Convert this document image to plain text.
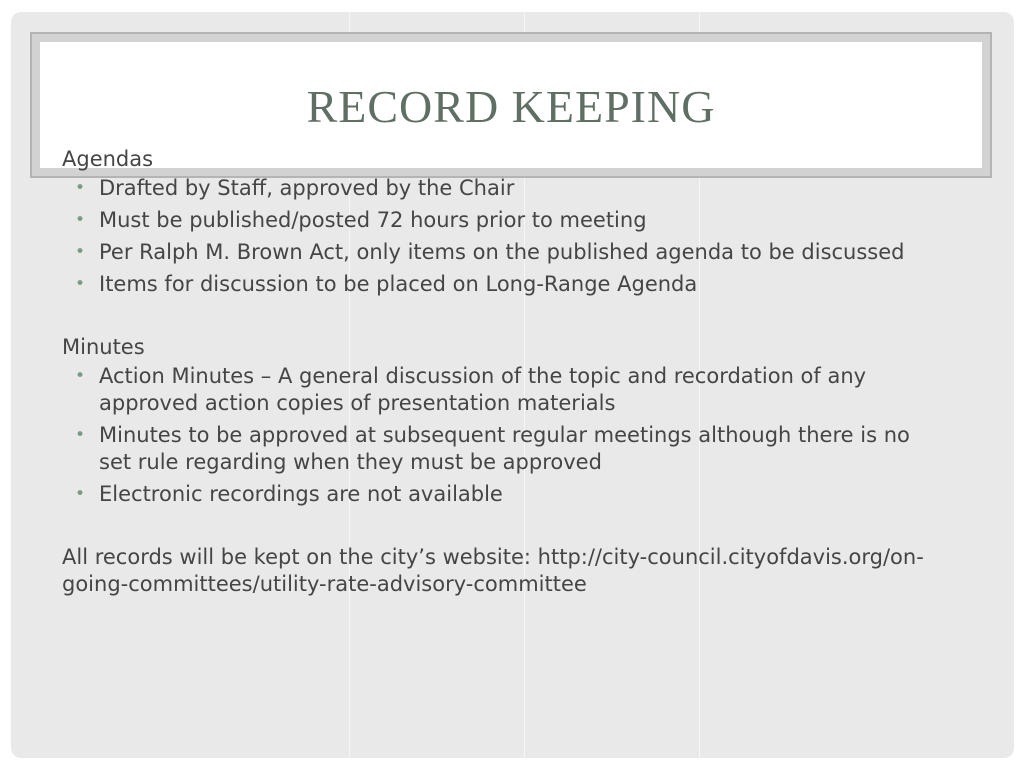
RECORD KEEPING

Agendas

• Drafted by Staff, approved by the Chair
• Must be published/posted 72 hours prior to meeting
• Per Ralph M. Brown Act, only items on the published agenda to be discussed
• Items for discussion to be placed on Long-Range Agenda

Minutes

• Action Minutes – A general discussion of the topic and recordation of any approved action copies of presentation materials
• Minutes to be approved at subsequent regular meetings although there is no set rule regarding when they must be approved
• Electronic recordings are not available

All records will be kept on the city’s website: http://city-council.cityofdavis.org/on-going-committees/utility-rate-advisory-committee
